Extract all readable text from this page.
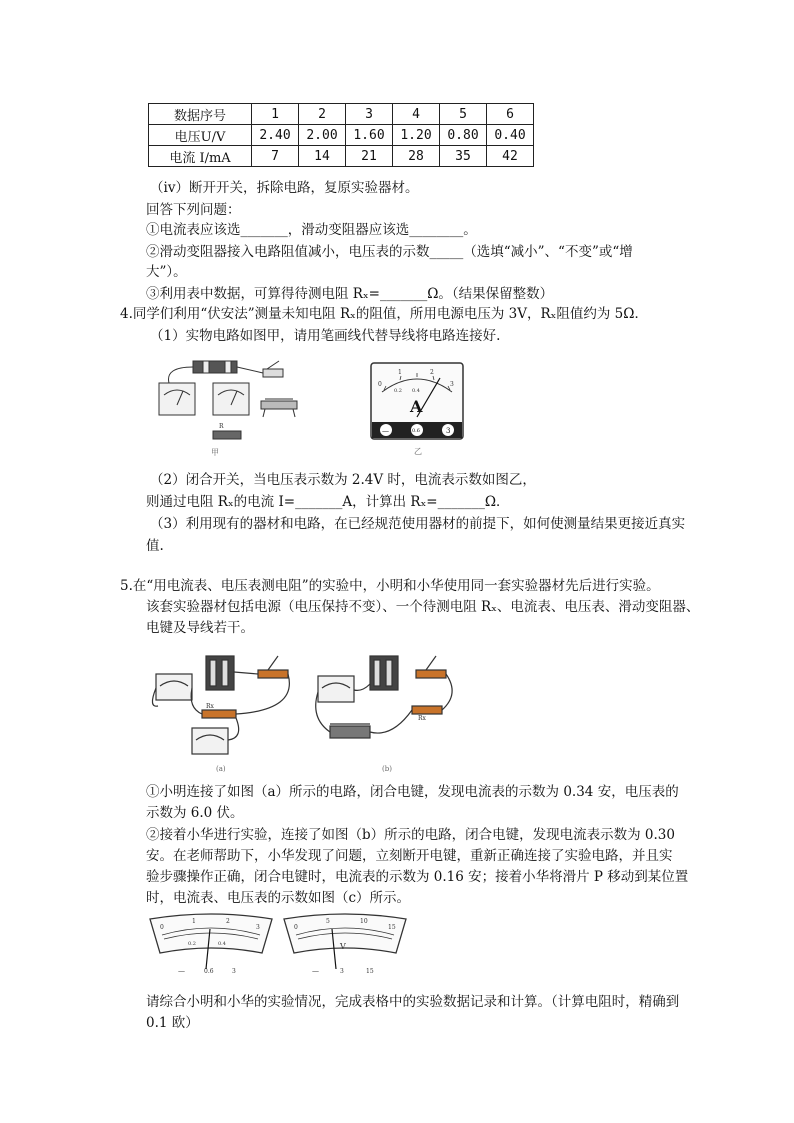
数据序号	1	2	3	4	5	6
电压U/V	2.40	2.00	1.60	1.20	0.80	0.40
电流 I/mA	7	14	21	28	35	42
（iv）断开开关，拆除电路，复原实验器材。
回答下列问题：
①电流表应该选_______，滑动变阻器应该选________。
②滑动变阻器接入电路阻值减小，电压表的示数_____（选填“减小”、“不变”或“增
大”）。
③利用表中数据，可算得待测电阻 Rₓ=_______Ω。（结果保留整数）
4.同学们利用“伏安法”测量未知电阻 Rₓ的阻值，所用电源电压为 3V，Rₓ阻值约为 5Ω．
（1）实物电路如图甲，请用笔画线代替导线将电路连接好.
R
甲
1	2
0	3
0.2 0.4
A
—	0.6	3
乙
（2）闭合开关，当电压表示数为 2.4V 时，电流表示数如图乙，
则通过电阻 Rₓ的电流 I=_______A，计算出 Rₓ=_______Ω．
（3）利用现有的器材和电路，在已经规范使用器材的前提下，如何使测量结果更接近真实
值.
5.在“用电流表、电压表测电阻”的实验中，小明和小华使用同一套实验器材先后进行实验。
该套实验器材包括电源（电压保持不变）、一个待测电阻 Rₓ、电流表、电压表、滑动变阻器、
电键及导线若干。
Rx
(a)
Rx
(b)
①小明连接了如图（a）所示的电路，闭合电键，发现电流表的示数为 0.34 安，电压表的
示数为 6.0 伏。
②接着小华进行实验，连接了如图（b）所示的电路，闭合电键，发现电流表示数为 0.30
安。在老师帮助下，小华发现了问题，立刻断开电键，重新正确连接了实验电路，并且实
验步骤操作正确，闭合电键时，电流表的示数为 0.16 安；接着小华将滑片 P 移动到某位置
时，电流表、电压表的示数如图（c）所示。
0
1	2
3
0.2	0.4
—	0.6	3
0
5	10
15
V
—	3	15
请综合小明和小华的实验情况，完成表格中的实验数据记录和计算。（计算电阻时，精确到
0.1 欧）
